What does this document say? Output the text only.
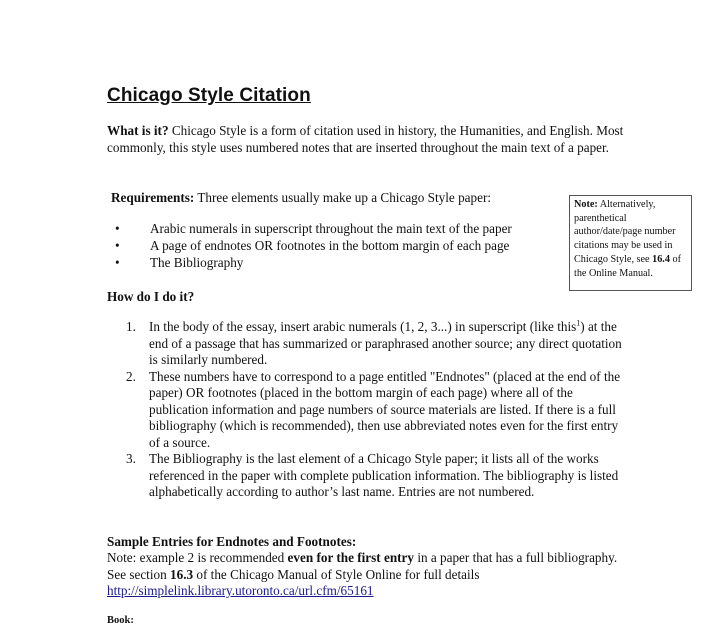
Chicago Style Citation
What is it? Chicago Style is a form of citation used in history, the Humanities, and English. Most commonly, this style uses numbered notes that are inserted throughout the main text of a paper.
Requirements: Three elements usually make up a Chicago Style paper:
•	Arabic numerals in superscript throughout the main text of the paper
•	A page of endnotes OR footnotes in the bottom margin of each page
•	The Bibliography
Note: Alternatively, parenthetical author/date/page number citations may be used in Chicago Style, see 16.4 of the Online Manual.
How do I do it?
1. In the body of the essay, insert arabic numerals (1, 2, 3...) in superscript (like this$^1$) at the end of a passage that has summarized or paraphrased another source; any direct quotation is similarly numbered.
2. These numbers have to correspond to a page entitled "Endnotes" (placed at the end of the paper) OR footnotes (placed in the bottom margin of each page) where all of the publication information and page numbers of source materials are listed. If there is a full bibliography (which is recommended), then use abbreviated notes even for the first entry of a source.
3. The Bibliography is the last element of a Chicago Style paper; it lists all of the works referenced in the paper with complete publication information. The bibliography is listed alphabetically according to author’s last name. Entries are not numbered.
Sample Entries for Endnotes and Footnotes:
Note: example 2 is recommended even for the first entry in a paper that has a full bibliography. See section 16.3 of the Chicago Manual of Style Online for full details
http://simplelink.library.utoronto.ca/url.cfm/65161
Book:
